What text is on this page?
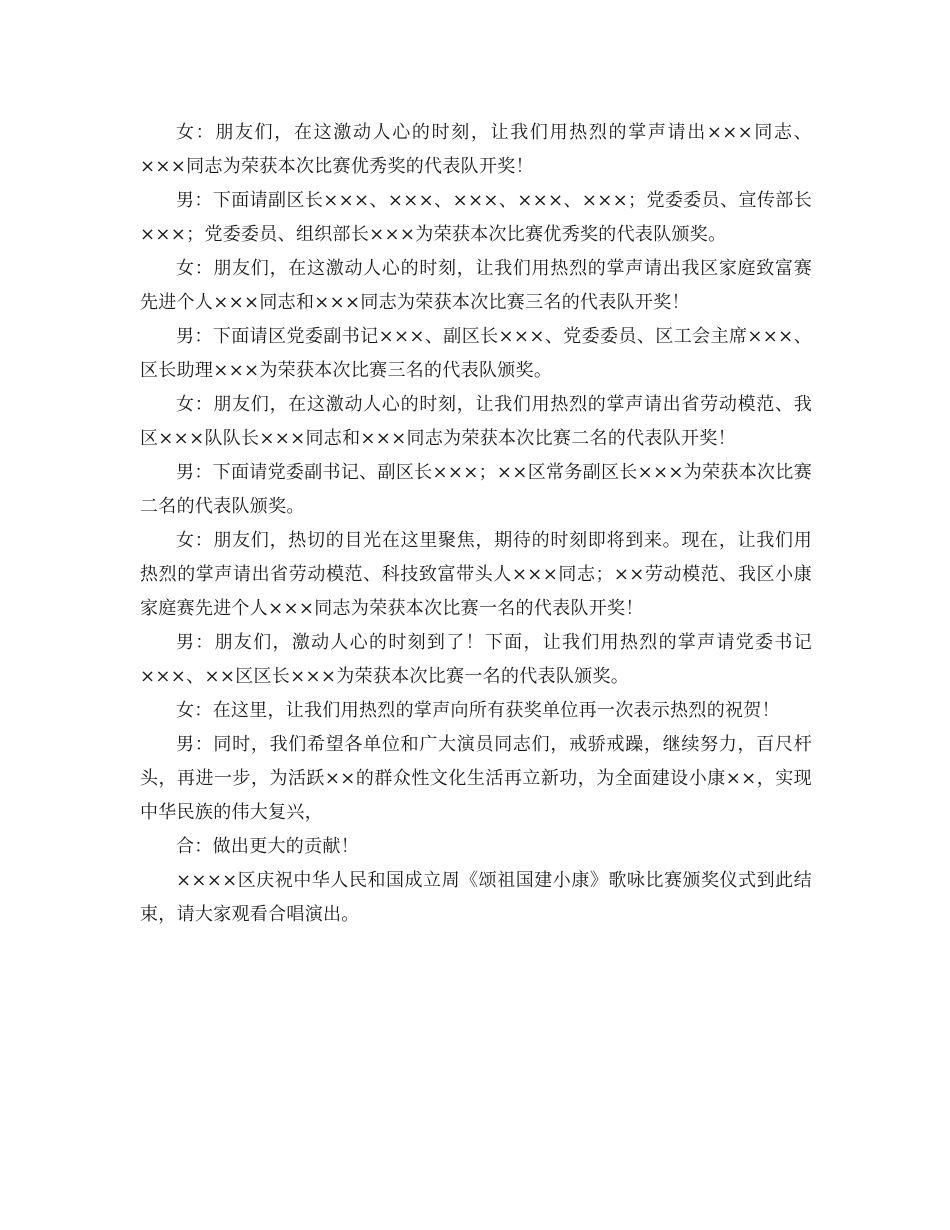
女：朋友们，在这激动人心的时刻，让我们用热烈的掌声请出×××同志、×××同志为荣获本次比赛优秀奖的代表队开奖！

男：下面请副区长×××、×××、×××、×××、×××；党委委员、宣传部长×××；党委委员、组织部长×××为荣获本次比赛优秀奖的代表队颁奖。

女：朋友们，在这激动人心的时刻，让我们用热烈的掌声请出我区家庭致富赛先进个人×××同志和×××同志为荣获本次比赛三名的代表队开奖！

男：下面请区党委副书记×××、副区长×××、党委委员、区工会主席×××、区长助理×××为荣获本次比赛三名的代表队颁奖。

女：朋友们，在这激动人心的时刻，让我们用热烈的掌声请出省劳动模范、我区×××队队长×××同志和×××同志为荣获本次比赛二名的代表队开奖！

男：下面请党委副书记、副区长×××；××区常务副区长×××为荣获本次比赛二名的代表队颁奖。

女：朋友们，热切的目光在这里聚焦，期待的时刻即将到来。现在，让我们用热烈的掌声请出省劳动模范、科技致富带头人×××同志；××劳动模范、我区小康家庭赛先进个人×××同志为荣获本次比赛一名的代表队开奖！

男：朋友们，激动人心的时刻到了！下面，让我们用热烈的掌声请党委书记×××、××区区长×××为荣获本次比赛一名的代表队颁奖。

女：在这里，让我们用热烈的掌声向所有获奖单位再一次表示热烈的祝贺！

男：同时，我们希望各单位和广大演员同志们，戒骄戒躁，继续努力，百尺杆头，再进一步，为活跃××的群众性文化生活再立新功，为全面建设小康××，实现中华民族的伟大复兴，

合：做出更大的贡献！

××××区庆祝中华人民和国成立周《颂祖国建小康》歌咏比赛颁奖仪式到此结束，请大家观看合唱演出。
